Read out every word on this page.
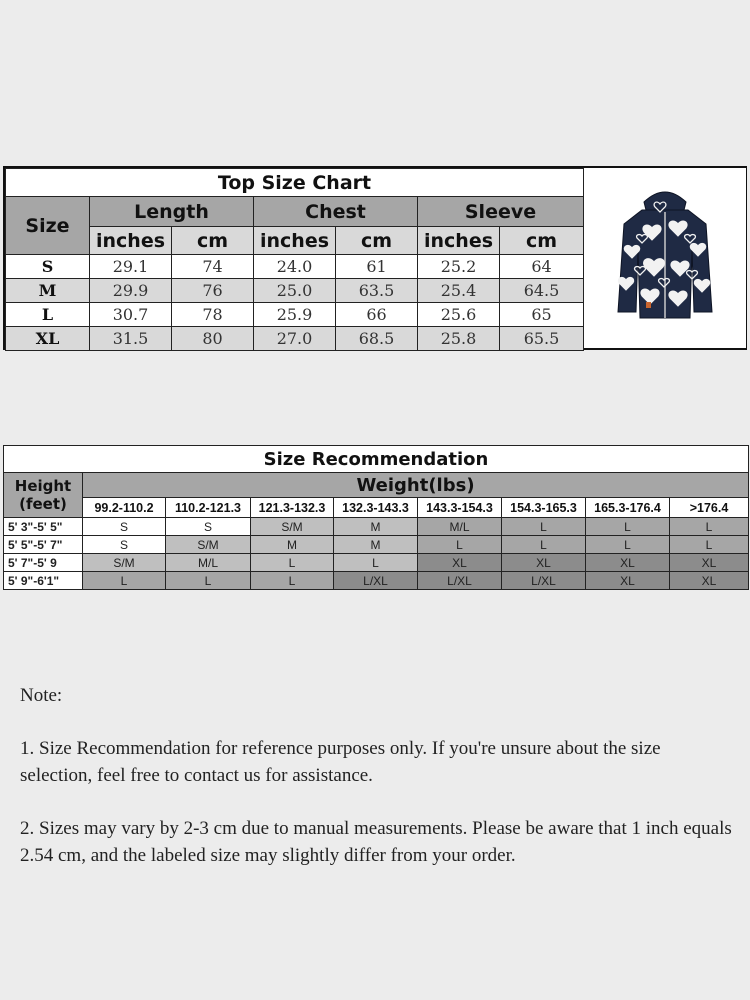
Top Size Chart						
Size	Length		Chest		Sleeve	
	inches	cm	inches	cm	inches	cm
S	29.1	74	24.0	61	25.2	64
M	29.9	76	25.0	63.5	25.4	64.5
L	30.7	78	25.9	66	25.6	65
XL	31.5	80	27.0	68.5	25.8	65.5
Size Recommendation								

Height
(feet)	Weight(lbs)							
	99.2-110.2	110.2-121.3	121.3-132.3	132.3-143.3	143.3-154.3	154.3-165.3	165.3-176.4	>176.4
5' 3"-5' 5"	S	S	S/M	M	M/L	L	L	L
5' 5"-5' 7"	S	S/M	M	M	L	L	L	L
5' 7"-5' 9	S/M	M/L	L	L	XL	XL	XL	XL
5' 9"-6'1"	L	L	L	L/XL	L/XL	L/XL	XL	XL

Note:

1. Size Recommendation for reference purposes only. If you're unsure about the size selection, feel free to contact us for assistance.

2. Sizes may vary by 2-3 cm due to manual measurements. Please be aware that 1 inch equals 2.54 cm, and the labeled size may slightly differ from your order.
